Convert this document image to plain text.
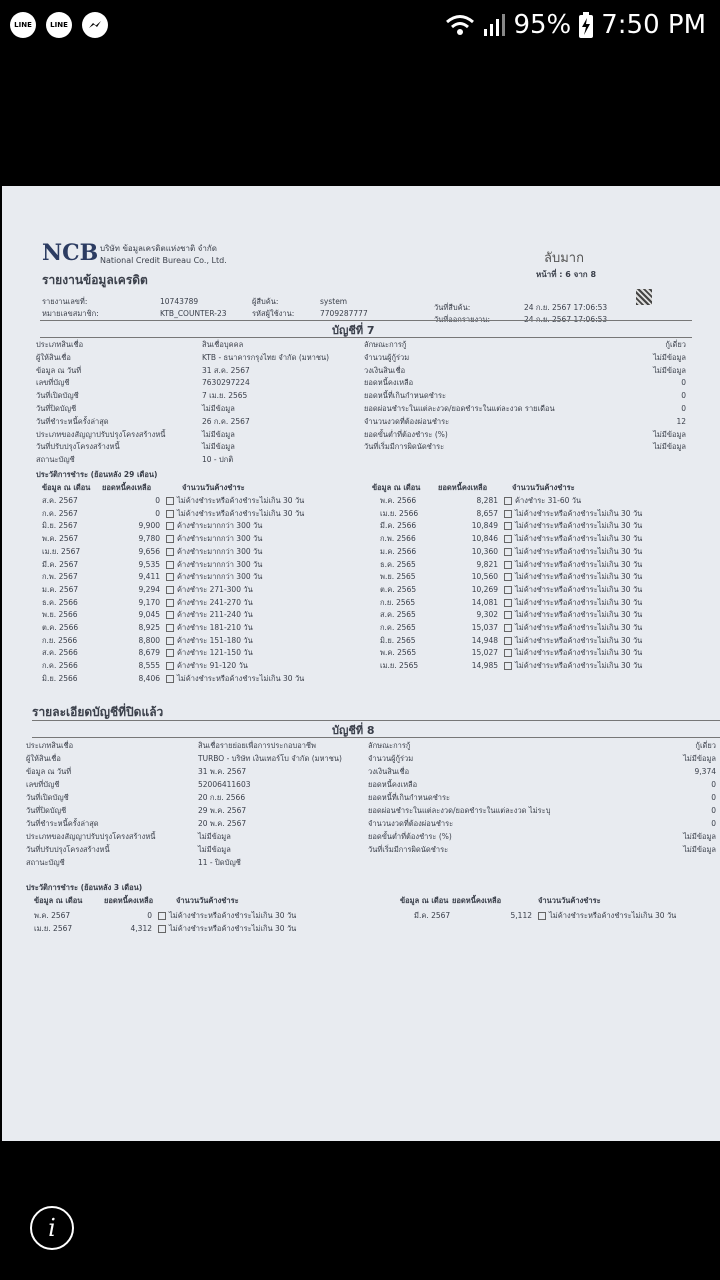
LINE	LINE	95% 7:50 PM
NCB บริษัท ข้อมูลเครดิตแห่งชาติ จำกัด
National Credit Bureau Co., Ltd.
รายงานข้อมูลเครดิต
ลับมาก
หน้าที่ : 6 จาก 8
รายงานเลขที่:	10743789
หมายเลขสมาชิก:	KTB_COUNTER-23
ผู้สืบค้น:	system
รหัสผู้ใช้งาน:	7709287777
วันที่สืบค้น:	24 ก.ย. 2567 17:06:53
บัญชีที่ 7
ประเภทสินเชื่อ	สินเชื่อบุคคล
ผู้ให้สินเชื่อ	KTB - ธนาคารกรุงไทย จำกัด (มหาชน)
ข้อมูล ณ วันที่	31 ส.ค. 2567
เลขที่บัญชี	7630297224
วันที่เปิดบัญชี	7 เม.ย. 2565
วันที่ปิดบัญชี	ไม่มีข้อมูล
วันที่ชำระหนี้ครั้งล่าสุด	26 ก.ค. 2567
ประเภทของสัญญาปรับปรุงโครงสร้างหนี้	ไม่มีข้อมูล
วันที่ปรับปรุงโครงสร้างหนี้	ไม่มีข้อมูล
สถานะบัญชี	10 - ปกติ
ลักษณะการกู้	กู้เดี่ยว
จำนวนผู้กู้ร่วม	ไม่มีข้อมูล
วงเงินสินเชื่อ	ไม่มีข้อมูล
ยอดหนี้คงเหลือ	0
ยอดหนี้ที่เกินกำหนดชำระ	0
ยอดผ่อนชำระในแต่ละงวด/ยอดชำระในแต่ละงวด รายเดือน	0
จำนวนงวดที่ต้องผ่อนชำระ	12
ยอดขั้นต่ำที่ต้องชำระ (%)	ไม่มีข้อมูล
วันที่เริ่มมีการผิดนัดชำระ	ไม่มีข้อมูล
ประวัติการชำระ (ย้อนหลัง 29 เดือน)
ข้อมูล ณ เดือน ยอดหนี้คงเหลือ	จำนวนวันค้างชำระ	ข้อมูล ณ เดือน ยอดหนี้คงเหลือ	จำนวนวันค้างชำระ
ส.ค. 2567	0	ไม่ค้างชำระหรือค้างชำระไม่เกิน 30 วัน
ก.ค. 2567	0	ไม่ค้างชำระหรือค้างชำระไม่เกิน 30 วัน
มิ.ย. 2567	9,900	ค้างชำระมากกว่า 300 วัน
พ.ค. 2567	9,780	ค้างชำระมากกว่า 300 วัน
เม.ย. 2567	9,656	ค้างชำระมากกว่า 300 วัน
มี.ค. 2567	9,535	ค้างชำระมากกว่า 300 วัน
ก.พ. 2567	9,411	ค้างชำระมากกว่า 300 วัน
ม.ค. 2567	9,294	ค้างชำระ 271-300 วัน
ธ.ค. 2566	9,170	ค้างชำระ 241-270 วัน
พ.ย. 2566	9,045	ค้างชำระ 211-240 วัน
ต.ค. 2566	8,925	ค้างชำระ 181-210 วัน
ก.ย. 2566	8,800	ค้างชำระ 151-180 วัน
ส.ค. 2566	8,679	ค้างชำระ 121-150 วัน
ก.ค. 2566	8,555	ค้างชำระ 91-120 วัน
มิ.ย. 2566	8,406	ไม่ค้างชำระหรือค้างชำระไม่เกิน 30 วัน
พ.ค. 2566	8,281	ค้างชำระ 31-60 วัน
เม.ย. 2566	8,657	ไม่ค้างชำระหรือค้างชำระไม่เกิน 30 วัน
มี.ค. 2566	10,849	ไม่ค้างชำระหรือค้างชำระไม่เกิน 30 วัน
ก.พ. 2566	10,846	ไม่ค้างชำระหรือค้างชำระไม่เกิน 30 วัน
ม.ค. 2566	10,360	ไม่ค้างชำระหรือค้างชำระไม่เกิน 30 วัน
ธ.ค. 2565	9,821	ไม่ค้างชำระหรือค้างชำระไม่เกิน 30 วัน
พ.ย. 2565	10,560	ไม่ค้างชำระหรือค้างชำระไม่เกิน 30 วัน
ต.ค. 2565	10,269	ไม่ค้างชำระหรือค้างชำระไม่เกิน 30 วัน
ก.ย. 2565	14,081	ไม่ค้างชำระหรือค้างชำระไม่เกิน 30 วัน
ส.ค. 2565	9,302	ไม่ค้างชำระหรือค้างชำระไม่เกิน 30 วัน
ก.ค. 2565	15,037	ไม่ค้างชำระหรือค้างชำระไม่เกิน 30 วัน
มิ.ย. 2565	14,948	ไม่ค้างชำระหรือค้างชำระไม่เกิน 30 วัน
พ.ค. 2565	15,027	ไม่ค้างชำระหรือค้างชำระไม่เกิน 30 วัน
เม.ย. 2565	14,985	ไม่ค้างชำระหรือค้างชำระไม่เกิน 30 วัน
รายละเอียดบัญชีที่ปิดแล้ว
บัญชีที่ 8
ประเภทสินเชื่อ	สินเชื่อรายย่อยเพื่อการประกอบอาชีพ
ผู้ให้สินเชื่อ	TURBO - บริษัท เงินเทอร์โบ จำกัด (มหาชน)
ข้อมูล ณ วันที่	31 พ.ค. 2567
เลขที่บัญชี	52006411603
วันที่เปิดบัญชี	20 ก.ย. 2566
วันที่ปิดบัญชี	29 พ.ค. 2567
วันที่ชำระหนี้ครั้งล่าสุด	20 พ.ค. 2567
ประเภทของสัญญาปรับปรุงโครงสร้างหนี้	ไม่มีข้อมูล
วันที่ปรับปรุงโครงสร้างหนี้	ไม่มีข้อมูล
สถานะบัญชี	11 - ปิดบัญชี
ลักษณะการกู้	กู้เดี่ยว
จำนวนผู้กู้ร่วม	ไม่มีข้อมูล
วงเงินสินเชื่อ	9,374
ยอดหนี้คงเหลือ	0
ยอดหนี้ที่เกินกำหนดชำระ	0
ยอดผ่อนชำระในแต่ละงวด/ยอดชำระในแต่ละงวด ไม่ระบุ	0
จำนวนงวดที่ต้องผ่อนชำระ	0
ยอดขั้นต่ำที่ต้องชำระ (%)	ไม่มีข้อมูล
วันที่เริ่มมีการผิดนัดชำระ	ไม่มีข้อมูล
ประวัติการชำระ (ย้อนหลัง 3 เดือน)
ข้อมูล ณ เดือน	ยอดหนี้คงเหลือ	จำนวนวันค้างชำระ	ข้อมูล ณ เดือน ยอดหนี้คงเหลือ	จำนวนวันค้างชำระ
พ.ค. 2567	0	ไม่ค้างชำระหรือค้างชำระไม่เกิน 30 วัน
เม.ย. 2567	4,312	ไม่ค้างชำระหรือค้างชำระไม่เกิน 30 วัน
มี.ค. 2567	5,112	ไม่ค้างชำระหรือค้างชำระไม่เกิน 30 วัน
i
